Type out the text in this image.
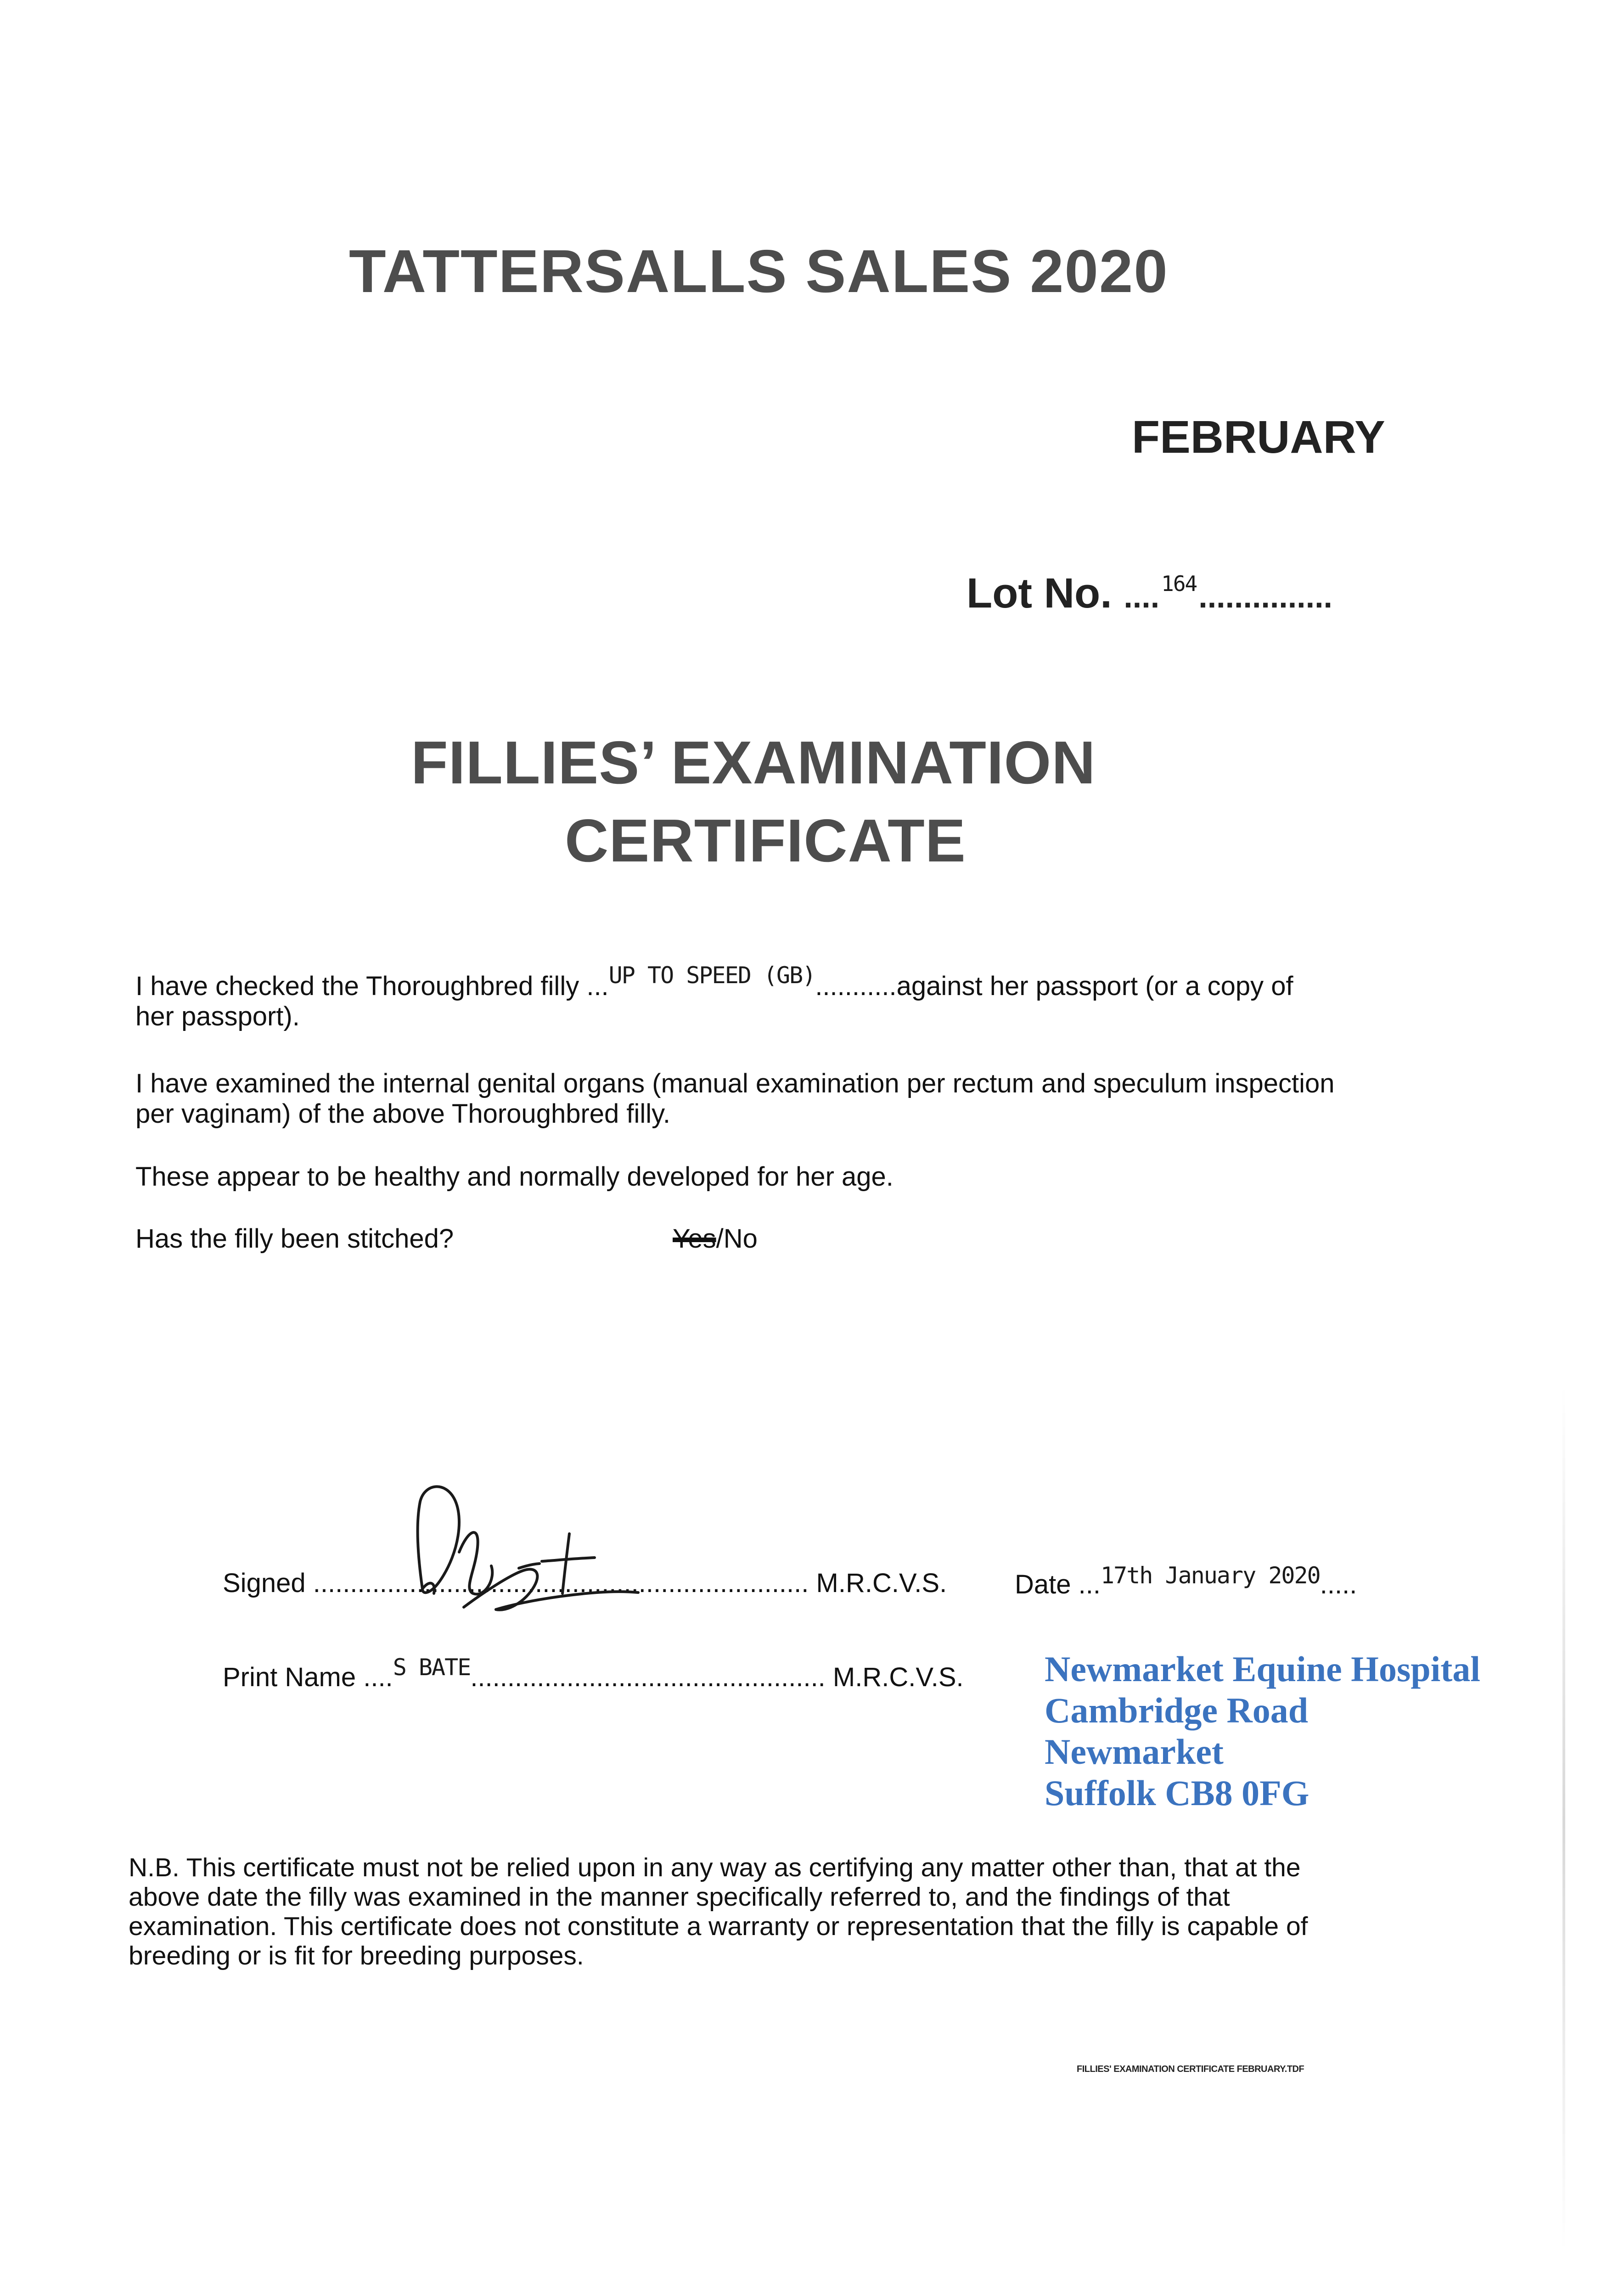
TATTERSALLS SALES 2020
FEBRUARY
Lot No. ....$^{164}$...............
FILLIES’ EXAMINATION
CERTIFICATE
I have checked the Thoroughbred filly ...UP TO SPEED (GB)...........against her passport (or a copy of
her passport).
I have examined the internal genital organs (manual examination per rectum and speculum inspection
per vaginam) of the above Thoroughbred filly.
These appear to be healthy and normally developed for her age.
Has the filly been stitched?	Yes/No
Signed ................................................................... M.R.C.V.S.	Date ...17th January 2020.....
Print Name ....S BATE................................................ M.R.C.V.S. Newmarket Equine Hospital
Cambridge Road
Newmarket
Suffolk CB8 0FG
N.B. This certificate must not be relied upon in any way as certifying any matter other than, that at the
above date the filly was examined in the manner specifically referred to, and the findings of that
examination. This certificate does not constitute a warranty or representation that the filly is capable of
breeding or is fit for breeding purposes.
FILLIES' EXAMINATION CERTIFICATE FEBRUARY.TDF
